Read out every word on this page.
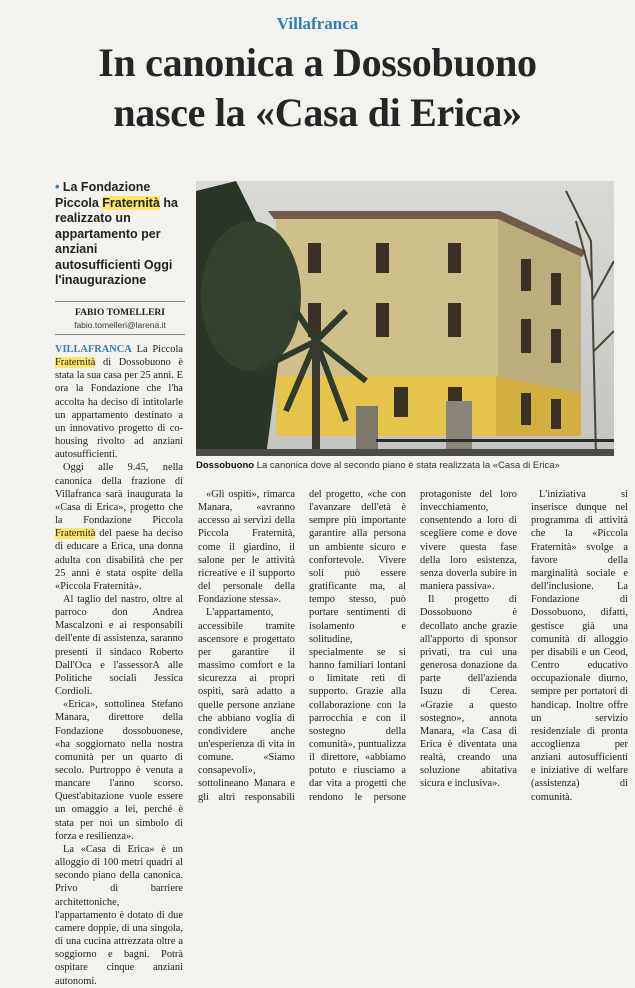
Villafranca
In canonica a Dossobuono
nasce la «Casa di Erica»
• La Fondazione Piccola Fraternità ha realizzato un appartamento per anziani autosufficienti Oggi l'inaugurazione
FABIO TOMELLERI
fabio.tomelleri@larena.it
Dossobuono La canonica dove al secondo piano è stata realizzata la «Casa di Erica»

VILLAFRANCA La Piccola Fraternità di Dossobuono è stata la sua casa per 25 anni. E ora la Fondazione che l'ha accolta ha deciso di intitolarle un appartamento destinato a un innovativo progetto di co-housing rivolto ad anziani autosufficienti.

Oggi alle 9.45, nella canonica della frazione di Villafranca sarà inaugurata la «Casa di Erica», progetto che la Fondazione Piccola Fraternità del paese ha deciso di educare a Erica, una donna adulta con disabilità che per 25 anni è stata ospite della «Piccola Fraternità».

Al taglio del nastro, oltre al parroco don Andrea Mascalzoni e ai responsabili dell'ente di assistenza, saranno presenti il sindaco Roberto Dall'Oca e l'assessorA alle Politiche sociali Jessica Cordioli.

«Erica», sottolinea Stefano Manara, direttore della Fondazione dossobuonese, «ha soggiornato nella nostra comunità per un quarto di secolo. Purtroppo è venuta a mancare l'anno scorso. Quest'abitazione vuole essere un omaggio a lei, perché è stata per noi un simbolo di forza e resilienza».

La «Casa di Erica» è un alloggio di 100 metri quadri al secondo piano della canonica. Privo di barriere architettoniche, l'appartamento è dotato di due camere doppie, di una singola, di una cucina attrezzata oltre a soggiorno e bagni. Potrà ospitare cinque anziani autonomi.

«Gli ospiti», rimarca Manara, «avranno accesso ai servizi della Piccola Fraternità, come il giardino, il salone per le attività ricreative e il supporto del personale della Fondazione stessa».

L'appartamento, accessibile tramite ascensore e progettato per garantire il massimo comfort e la sicurezza ai propri ospiti, sarà adatto a quelle persone anziane che abbiano voglia di condividere anche un'esperienza di vita in comune. «Siamo consapevoli», sottolineano Manara e gli altri responsabili del progetto, «che con l'avanzare dell'età è sempre più importante garantire alla persona un ambiente sicuro e confortevole. Vivere soli può essere gratificante ma, al tempo stesso, può portare sentimenti di isolamento e solitudine, specialmente se si hanno familiari lontani o limitate reti di supporto. Grazie alla collaborazione con la parrocchia e con il sostegno della comunità», puntualizza il direttore, «abbiamo potuto e riusciamo a dar vita a progetti che rendono le persone protagoniste del loro invecchiamento, consentendo a loro di scegliere come e dove vivere questa fase della loro esistenza, senza doverla subire in maniera passiva».

Il progetto di Dossobuono è decollato anche grazie all'apporto di sponsor privati, tra cui una generosa donazione da parte dell'azienda Isuzu di Cerea. «Grazie a questo sostegno», annota Manara, «la Casa di Erica è diventata una realtà, creando una soluzione abitativa sicura e inclusiva».

L'iniziativa si inserisce dunque nel programma di attività che la «Piccola Fraternità» svolge a favore della marginalità sociale e dell'inclusione. La Fondazione di Dossobuono, difatti, gestisce già una comunità di alloggio per disabili e un Ceod, Centro educativo occupazionale diurno, sempre per portatori di handicap. Inoltre offre un servizio residenziale di pronta accoglienza per anziani autosufficienti e iniziative di welfare (assistenza) di comunità.
